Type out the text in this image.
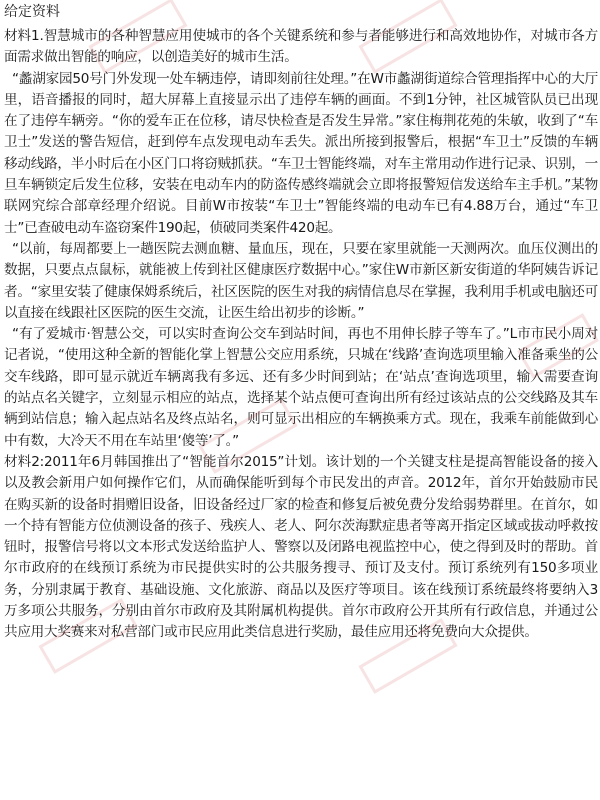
给定资料

材料1.智慧城市的各种智慧应用使城市的各个关键系统和参与者能够进行和高效地协作，对城市各方面需求做出智能的响应，以创造美好的城市生活。

“蠡湖家园50号门外发现一处车辆违停，请即刻前往处理。”在W市蠡湖街道综合管理指挥中心的大厅里，语音播报的同时，超大屏幕上直接显示出了违停车辆的画面。不到1分钟，社区城管队员已出现在了违停车辆旁。“你的爱车正在位移，请尽快检查是否发生异常。”家住梅荆花苑的朱敏，收到了“车卫士”发送的警告短信，赶到停车点发现电动车丢失。派出所接到报警后，根据“车卫士”反馈的车辆移动线路，半小时后在小区门口将窃贼抓获。“车卫士智能终端，对车主常用动作进行记录、识别，一旦车辆锁定后发生位移，安装在电动车内的防盗传感终端就会立即将报警短信发送给车主手机。”某物联网究综合部章经理介绍说。目前W市按装“车卫士”智能终端的电动车已有4.88万台，通过“车卫士”已查破电动车盗窃案件190起，侦破同类案件420起。

“以前，每周都要上一趟医院去测血糖、量血压，现在，只要在家里就能一天测两次。血压仪测出的数据，只要点点鼠标，就能被上传到社区健康医疗数据中心。”家住W市新区新安街道的华阿姨告诉记者。“家里安装了健康保姆系统后，社区医院的医生对我的病情信息尽在掌握，我利用手机或电脑还可以直接在线跟社区医院的医生交流，让医生给出初步的诊断。”

“有了爱城市·智慧公交，可以实时查询公交车到站时间，再也不用伸长脖子等车了。”L市市民小周对记者说，“使用这种全新的智能化掌上智慧公交应用系统，只城在‘线路’查询选项里输入准备乘坐的公交车线路，即可显示就近车辆离我有多远、还有多少时间到站；在‘站点’查询选项里，输入需要查询的站点名关键字，立刻显示相应的站点，选择某个站点便可查询出所有经过该站点的公交线路及其车辆到站信息；输入起点站名及终点站名，则可显示出相应的车辆换乘方式。现在，我乘车前能做到心中有数，大冷天不用在车站里‘傻等’了。”

材料2:2011年6月韩国推出了“智能首尔2015”计划。该计划的一个关键支柱是提高智能设备的接入以及教会新用户如何操作它们，从而确保能听到每个市民发出的声音。2012年，首尔开始鼓励市民在购买新的设备时捐赠旧设备，旧设备经过厂家的检查和修复后被免费分发给弱势群里。在首尔，如一个持有智能方位侦测设备的孩子、残疾人、老人、阿尔茨海默症患者等离开指定区域或拔动呼救按钮时，报警信号将以文本形式发送给监护人、警察以及闭路电视监控中心，使之得到及时的帮助。首尔市政府的在线预订系统为市民提供实时的公共服务搜寻、预订及支付。预订系统列有150多项业务，分别隶属于教育、基础设施、文化旅游、商品以及医疗等项目。该在线预订系统最终将要纳入3万多项公共服务，分别由首尔市政府及其附属机构提供。首尔市政府公开其所有行政信息，并通过公共应用大奖赛来对私营部门或市民应用此类信息进行奖励，最佳应用还将免费向大众提供。
